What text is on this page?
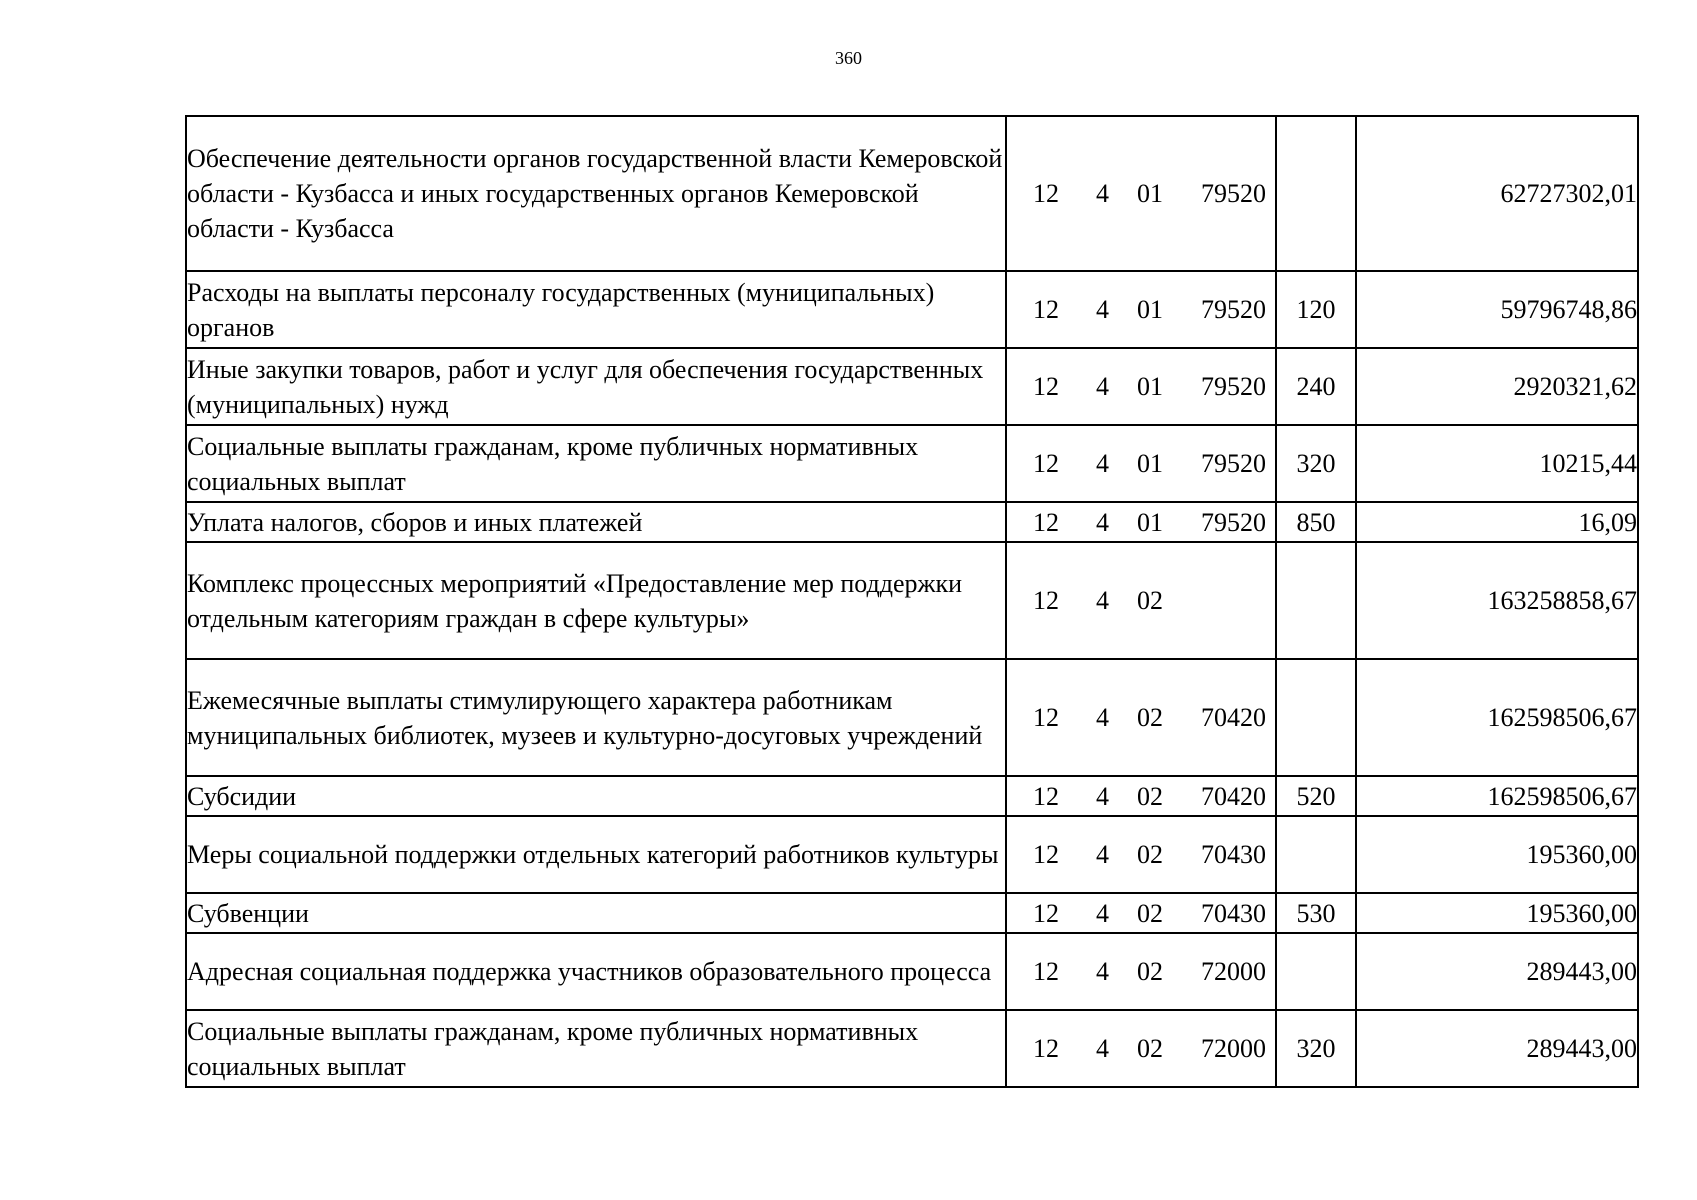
360
Обеспечение деятельности органов государственной власти Кемеровской области - Кузбасса и иных государственных органов Кемеровской области - Кузбасса	12 4 01 79520		62727302,01
Расходы на выплаты персоналу государственных (муниципальных) органов	12 4 01 79520	120	59796748,86
Иные закупки товаров, работ и услуг для обеспечения государственных (муниципальных) нужд	12 4 01 79520	240	2920321,62
Социальные выплаты гражданам, кроме публичных нормативных социальных выплат	12 4 01 79520	320	10215,44
Уплата налогов, сборов и иных платежей	12 4 01 79520	850	16,09
Комплекс процессных мероприятий «Предоставление мер поддержки отдельным категориям граждан в сфере культуры»	12 4 02		163258858,67
Ежемесячные выплаты стимулирующего характера работникам муниципальных библиотек, музеев и культурно-досуговых учреждений	12 4 02 70420		162598506,67
Субсидии	12 4 02 70420	520	162598506,67
Меры социальной поддержки отдельных категорий работников культуры	12 4 02 70430		195360,00
Субвенции	12 4 02 70430	530	195360,00
Адресная социальная поддержка участников образовательного процесса	12 4 02 72000		289443,00
Социальные выплаты гражданам, кроме публичных нормативных социальных выплат	12 4 02 72000	320	289443,00
